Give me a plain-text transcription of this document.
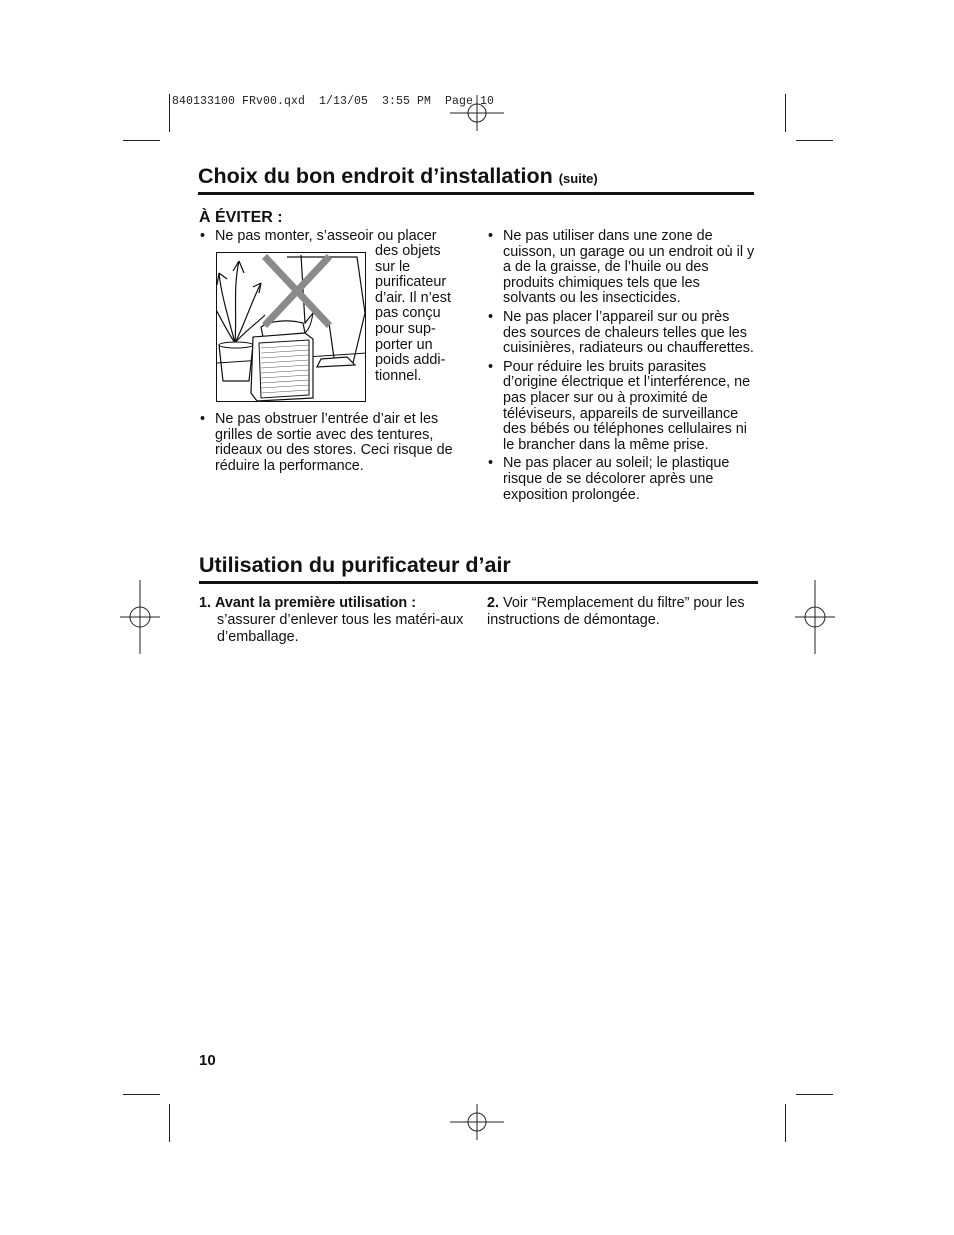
840133100 FRv00.qxd  1/13/05  3:55 PM  Page 10
Choix du bon endroit d’installation (suite)
À ÉVITER :

• Ne pas monter, s’asseoir ou placer

des objets
sur le
purificateur
d’air. Il n’est
pas conçu
pour sup-
porter un
poids addi-
tionnel.

• Ne pas obstruer l’entrée d’air et les grilles de sortie avec des tentures, rideaux ou des stores. Ceci risque de réduire la performance.

• Ne pas utiliser dans une zone de cuisson, un garage ou un endroit où il y a de la graisse, de l’huile ou des produits chimiques tels que les solvants ou les insecticides.

• Ne pas placer l’appareil sur ou près des sources de chaleurs telles que les cuisinières, radiateurs ou chaufferettes.

• Pour réduire les bruits parasites d’origine électrique et l’interférence, ne pas placer sur ou à proximité de téléviseurs, appareils de surveillance des bébés ou téléphones cellulaires ni le brancher dans la même prise.

• Ne pas placer au soleil; le plastique risque de se décolorer après une exposition prolongée.

Utilisation du purificateur d’air
1. Avant la première utilisation :
s’assurer d’enlever tous les matéri-aux d’emballage.
2. Voir “Remplacement du filtre” pour les instructions de démontage.
10
